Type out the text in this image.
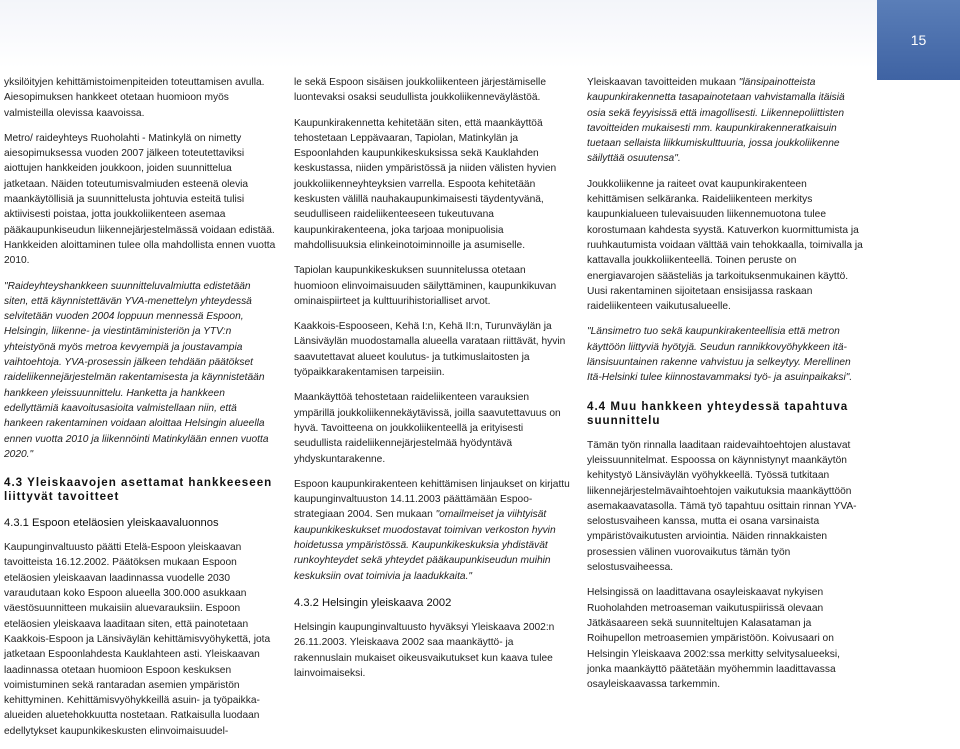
15

yksilöityjen kehittämistoimenpiteiden toteuttamisen avulla. Aiesopimuksen hankkeet otetaan huomioon myös valmisteilla olevissa kaavoissa.

Metro/ raideyhteys Ruoholahti - Matinkylä on nimetty aiesopimuksessa vuoden 2007 jälkeen toteutettaviksi aiottujen hankkeiden joukkoon, joiden suunnittelua jatketaan. Näiden toteutumisvalmiuden esteenä olevia maankäytöllisiä ja suunnittelusta johtuvia esteitä tulisi aktiivisesti poistaa, jotta joukkoliikenteen asemaa pääkaupunkiseudun liikennejärjestelmässä voidaan edistää. Hankkeiden aloittaminen tulee olla mahdollista ennen vuotta 2010.

"Raideyhteyshankkeen suunnitteluvalmiutta edistetään siten, että käynnistettävän YVA-menettelyn yhteydessä selvitetään vuoden 2004 loppuun mennessä Espoon, Helsingin, liikenne- ja viestintäministeriön ja YTV:n yhteistyönä myös metroa kevyempiä ja joustavampia vaihtoehtoja. YVA-prosessin jälkeen tehdään päätökset raideliikennejärjestelmän rakentamisesta ja käynnistetään hankkeen yleissuunnittelu. Hanketta ja hankkeen edellyttämiä kaavoitusasioita valmistellaan niin, että hankeen rakentaminen voidaan aloittaa Helsingin alueella ennen vuotta 2010 ja liikennöinti Matinkylään ennen vuotta 2020."

4.3 Yleiskaavojen asettamat hankkeeseen liittyvät tavoitteet
4.3.1 Espoon eteläosien yleiskaavaluonnos

Kaupunginvaltuusto päätti Etelä-Espoon yleiskaavan tavoitteista 16.12.2002. Päätöksen mukaan Espoon eteläosien yleiskaavan laadinnassa vuodelle 2030 varaudutaan koko Espoon alueella 300.000 asukkaan väestösuunnitteen mukaisiin aluevarauksiin. Espoon eteläosien yleiskaava laaditaan siten, että painotetaan Kaakkois-Espoon ja Länsiväylän kehittämisvyöhykettä, jota jatketaan Espoonlahdesta Kauklahteen asti. Yleiskaavan laadinnassa otetaan huomioon Espoon keskuksen voimistuminen sekä rantaradan asemien ympäristön kehittyminen. Kehittämisvyöhykkeillä asuin- ja työpaikka-alueiden aluetehokkuutta nostetaan. Ratkaisulla luodaan edellytykset kaupunkikeskusten elinvoimaisuudel-

le sekä Espoon sisäisen joukkoliikenteen järjestämiselle luontevaksi osaksi seudullista joukkoliikenneväylästöä.

Kaupunkirakennetta kehitetään siten, että maankäyttöä tehostetaan Leppävaaran, Tapiolan, Matinkylän ja Espoonlahden kaupunkikeskuksissa sekä Kauklahden keskustassa, niiden ympäristössä ja niiden välisten hyvien joukkoliikenneyhteyksien varrella. Espoota kehitetään keskusten välillä nauhakaupunkimaisesti täydentyvänä, seudulliseen raideliikenteeseen tukeutuvana kaupunkirakenteena, joka tarjoaa monipuolisia mahdollisuuksia elinkeinotoiminnoille ja asumiselle.

Tapiolan kaupunkikeskuksen suunnitelussa otetaan huomioon elinvoimaisuuden säilyttäminen, kaupunkikuvan ominaispiirteet ja kulttuurihistorialliset arvot.

Kaakkois-Espooseen, Kehä I:n, Kehä II:n, Turunväylän ja Länsiväylän muodostamalla alueella varataan riittävät, hyvin saavutettavat alueet koulutus- ja tutkimuslaitosten ja työpaikkarakentamisen tarpeisiin.

Maankäyttöä tehostetaan raideliikenteen varauksien ympärillä joukkoliikennekäytävissä, joilla saavutettavuus on hyvä. Tavoitteena on joukkoliikenteellä ja erityisesti seudullista raideliikennejärjestelmää hyödyntävä yhdyskuntarakenne.

Espoon kaupunkirakenteen kehittämisen linjaukset on kirjattu kaupunginvaltuuston 14.11.2003 päättämään Espoo-strategiaan 2004. Sen mukaan "omailmeiset ja viihtyisät kaupunkikeskukset muodostavat toimivan verkoston hyvin hoidetussa ympäristössä. Kaupunkikeskuksia yhdistävät runkoyhteydet sekä yhteydet pääkaupunkiseudun muihin keskuksiin ovat toimivia ja laadukkaita."

4.3.2 Helsingin yleiskaava 2002

Helsingin kaupunginvaltuusto hyväksyi Yleiskaava 2002:n 26.11.2003. Yleiskaava 2002 saa maankäyttö- ja rakennuslain mukaiset oikeusvaikutukset kun kaava tulee lainvoimaiseksi.

Yleiskaavan tavoitteiden mukaan "länsipainotteista kaupunkirakennetta tasapainotetaan vahvistamalla itäisiä osia sekä feyyisissä että imagollisesti. Liikennepoliittisten tavoitteiden mukaisesti mm. kaupunkirakenneratkaisuin tuetaan sellaista liikkumiskulttuuria, jossa joukkoliikenne säilyttää osuutensa".

Joukkoliikenne ja raiteet ovat kaupunkirakenteen kehittämisen selkäranka. Raideliikenteen merkitys kaupunkialueen tulevaisuuden liikennemuotona tulee korostumaan kahdesta syystä. Katuverkon kuormittumista ja ruuhkautumista voidaan välttää vain tehokkaalla, toimivalla ja kattavalla joukkoliikenteellä. Toinen peruste on energiavarojen säästeliäs ja tarkoituksenmukainen käyttö. Uusi rakentaminen sijoitetaan ensisijassa raskaan raideliikenteen vaikutusalueelle.

"Länsimetro tuo sekä kaupunkirakenteellisia että metron käyttöön liittyviä hyötyjä. Seudun rannikkovyöhykkeen itä-länsisuuntainen rakenne vahvistuu ja selkeytyy. Merellinen Itä-Helsinki tulee kiinnostavammaksi työ- ja asuinpaikaksi".

4.4 Muu hankkeen yhteydessä tapahtuva suunnittelu

Tämän työn rinnalla laaditaan raidevaihtoehtojen alustavat yleissuunnitelmat. Espoossa on käynnistynyt maankäytön kehitystyö Länsiväylän vyöhykkeellä. Työssä tutkitaan liikennejärjestelmävaihtoehtojen vaikutuksia maankäyttöön asemakaavatasolla. Tämä työ tapahtuu osittain rinnan YVA-selostusvaiheen kanssa, mutta ei osana varsinaista ympäristövaikutusten arviointia. Näiden rinnakkaisten prosessien välinen vuorovaikutus tämän työn selostusvaiheessa.

Helsingissä on laadittavana osayleiskaavat nykyisen Ruoholahden metroaseman vaikutuspiirissä olevaan Jätkäsaareen sekä suunniteltujen Kalasataman ja Roihupellon metroasemien ympäristöön. Koivusaari on Helsingin Yleiskaava 2002:ssa merkitty selvitysalueeksi, jonka maankäyttö päätetään myöhemmin laadittavassa osayleiskaavassa tarkemmin.
